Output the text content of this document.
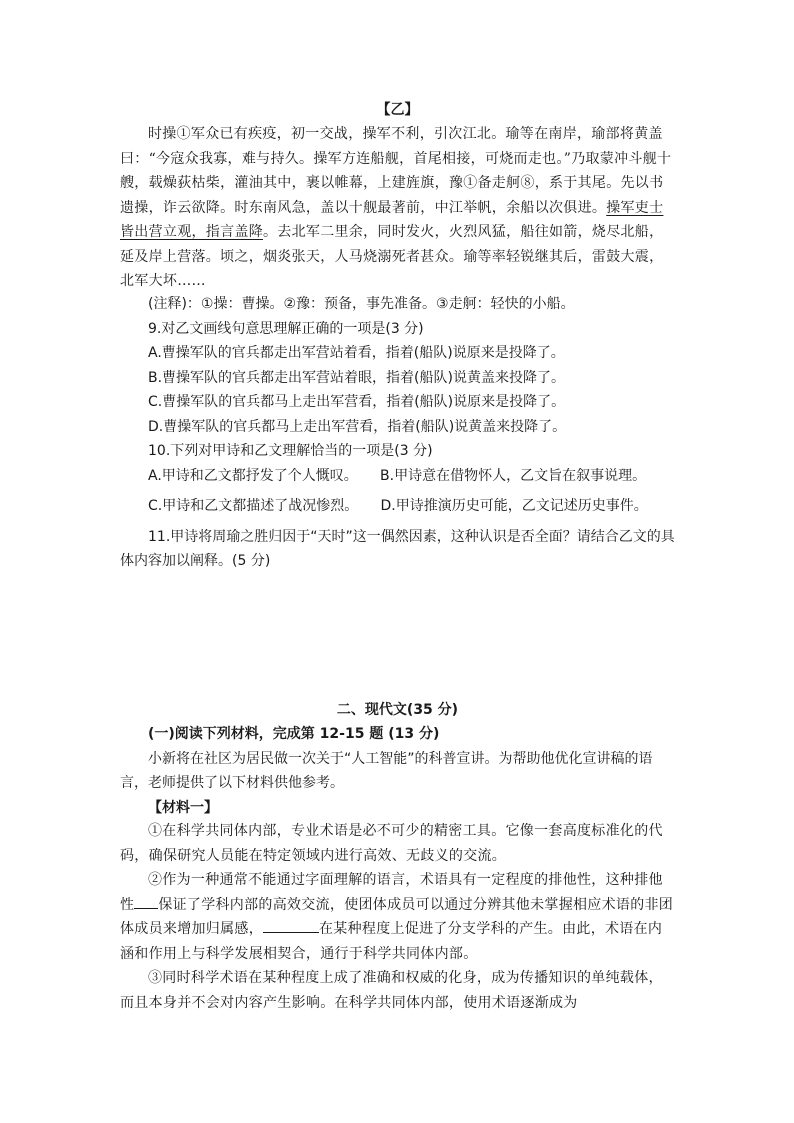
【乙】

时操①军众已有疾疫，初一交战，操军不利，引次江北。瑜等在南岸，瑜部将黄盖曰：“今寇众我寡，难与持久。操军方连船舰，首尾相接，可烧而走也。”乃取蒙冲斗舰十艘，载燥荻枯柴，灌油其中，裹以帷幕，上建旌旗，豫①备走舸⑧，系于其尾。先以书遗操，诈云欲降。时东南风急，盖以十舰最著前，中江举帆，余船以次俱进。操军吏士皆出营立观，指言盖降。去北军二里余，同时发火，火烈风猛，船往如箭，烧尽北船，延及岸上营落。顷之，烟炎张天，人马烧溺死者甚众。瑜等率轻锐继其后，雷鼓大震，北军大坏……

(注释)：①操：曹操。②豫：预备，事先准备。③走舸：轻快的小船。

9.对乙文画线句意思理解正确的一项是(3 分)

A.曹操军队的官兵都走出军营站着看，指着(船队)说原来是投降了。

B.曹操军队的官兵都走出军营站着眼，指着(船队)说黄盖来投降了。

C.曹操军队的官兵都马上走出军营看，指着(船队)说原来是投降了。

D.曹操军队的官兵都马上走出军营看，指着(船队)说黄盖来投降了。

10.下列对甲诗和乙文理解恰当的一项是(3 分)

A.甲诗和乙文都抒发了个人慨叹。 B.甲诗意在借物怀人，乙文旨在叙事说理。

C.甲诗和乙文都描述了战况惨烈。 D.甲诗推演历史可能，乙文记述历史事件。

11.甲诗将周瑜之胜归因于“天时”这一偶然因素，这种认识是否全面？请结合乙文的具体内容加以阐释。(5 分)

二、现代文(35 分)

(一)阅读下列材料，完成第 12-15 题 (13 分)

小新将在社区为居民做一次关于“人工智能”的科普宣讲。为帮助他优化宣讲稿的语言，老师提供了以下材料供他参考。

【材料一】

①在科学共同体内部，专业术语是必不可少的精密工具。它像一套高度标准化的代码，确保研究人员能在特定领域内进行高效、无歧义的交流。

②作为一种通常不能通过字面理解的语言，术语具有一定程度的排他性，这种排他性 保证了学科内部的高效交流，使团体成员可以通过分辨其他未掌握相应术语的非团体成员来增加归属感，	在某种程度上促进了分支学科的产生。由此，术语在内涵和作用上与科学发展相契合，通行于科学共同体内部。

③同时科学术语在某种程度上成了准确和权威的化身，成为传播知识的单纯载体，而且本身并不会对内容产生影响。在科学共同体内部，使用术语逐渐成为
